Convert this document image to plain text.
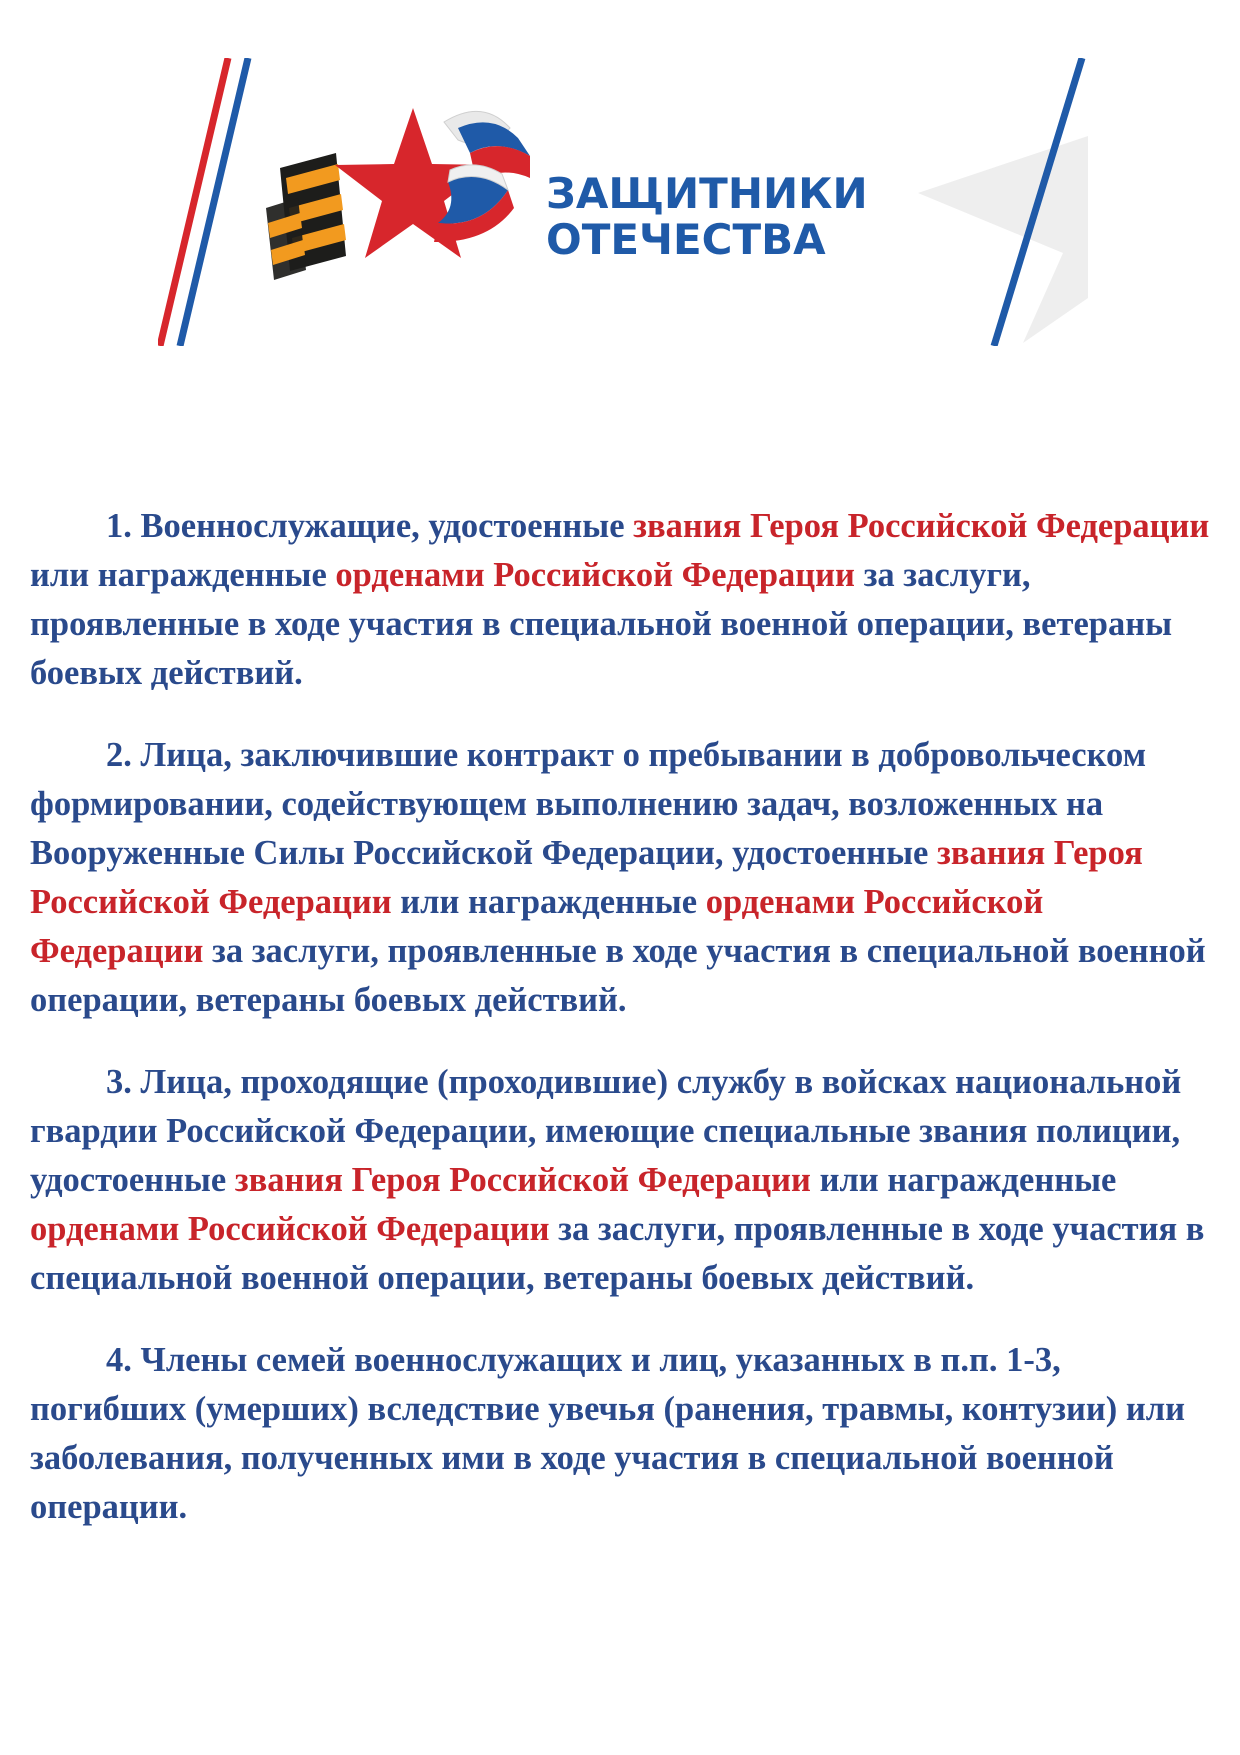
ЗАЩИТНИКИ
ОТЕЧЕСТВА

1. Военнослужащие, удостоенные звания Героя Российской Федерации или награжденные орденами Российской Федерации за заслуги, проявленные в ходе участия в специальной военной операции, ветераны боевых действий.

2. Лица, заключившие контракт о пребывании в добровольческом формировании, содействующем выполнению задач, возложенных на Вооруженные Силы Российской Федерации, удостоенные звания Героя Российской Федерации или награжденные орденами Российской Федерации за заслуги, проявленные в ходе участия в специальной военной операции, ветераны боевых действий.

3. Лица, проходящие (проходившие) службу в войсках национальной гвардии Российской Федерации, имеющие специальные звания полиции, удостоенные звания Героя Российской Федерации или награжденные орденами Российской Федерации за заслуги, проявленные в ходе участия в специальной военной операции, ветераны боевых действий.

4. Члены семей военнослужащих и лиц, указанных в п.п. 1-3, погибших (умерших) вследствие увечья (ранения, травмы, контузии) или заболевания, полученных ими в ходе участия в специальной военной операции.
